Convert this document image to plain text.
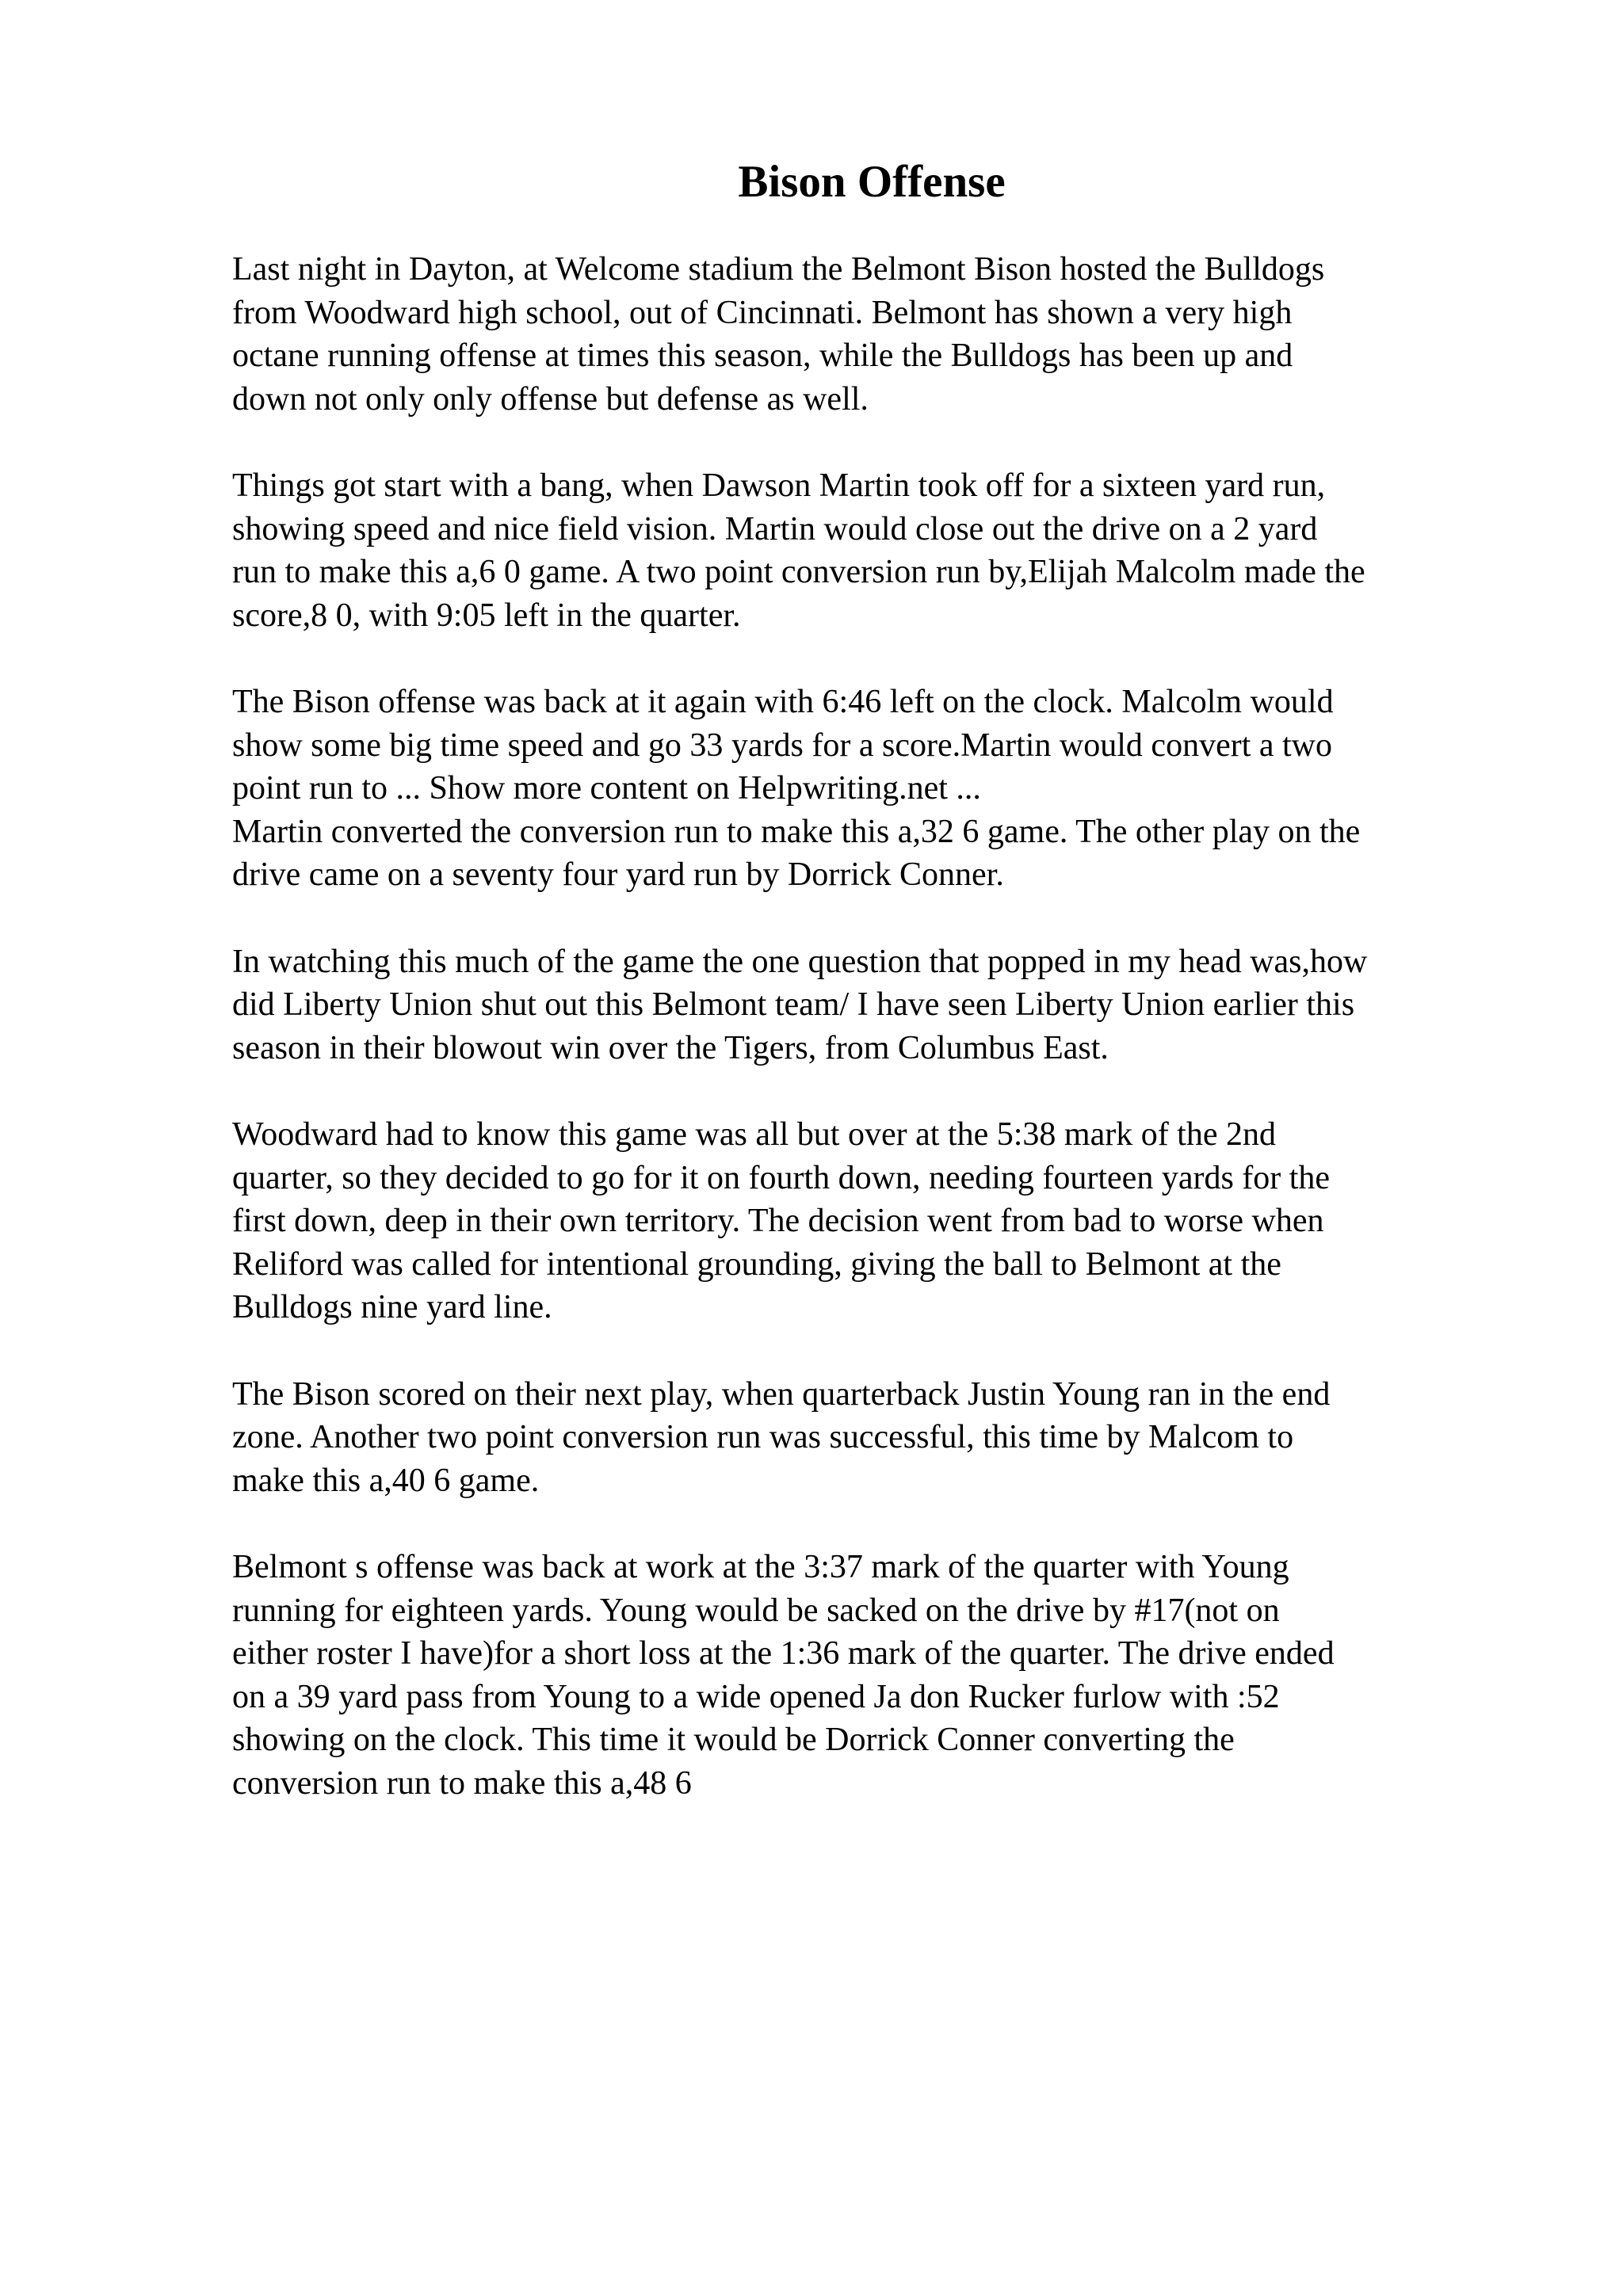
Bison Offense

Last night in Dayton, at Welcome stadium the Belmont Bison hosted the Bulldogs
from Woodward high school, out of Cincinnati. Belmont has shown a very high
octane running offense at times this season, while the Bulldogs has been up and
down not only only offense but defense as well.

Things got start with a bang, when Dawson Martin took off for a sixteen yard run,
showing speed and nice field vision. Martin would close out the drive on a 2 yard
run to make this a,6 0 game. A two point conversion run by,Elijah Malcolm made the
score,8 0, with 9:05 left in the quarter.

The Bison offense was back at it again with 6:46 left on the clock. Malcolm would
show some big time speed and go 33 yards for a score.Martin would convert a two
point run to ... Show more content on Helpwriting.net ...
Martin converted the conversion run to make this a,32 6 game. The other play on the
drive came on a seventy four yard run by Dorrick Conner.

In watching this much of the game the one question that popped in my head was,how
did Liberty Union shut out this Belmont team/ I have seen Liberty Union earlier this
season in their blowout win over the Tigers, from Columbus East.

Woodward had to know this game was all but over at the 5:38 mark of the 2nd
quarter, so they decided to go for it on fourth down, needing fourteen yards for the
first down, deep in their own territory. The decision went from bad to worse when
Reliford was called for intentional grounding, giving the ball to Belmont at the
Bulldogs nine yard line.

The Bison scored on their next play, when quarterback Justin Young ran in the end
zone. Another two point conversion run was successful, this time by Malcom to
make this a,40 6 game.

Belmont s offense was back at work at the 3:37 mark of the quarter with Young
running for eighteen yards. Young would be sacked on the drive by #17(not on
either roster I have)for a short loss at the 1:36 mark of the quarter. The drive ended
on a 39 yard pass from Young to a wide opened Ja don Rucker furlow with :52
showing on the clock. This time it would be Dorrick Conner converting the
conversion run to make this a,48 6
